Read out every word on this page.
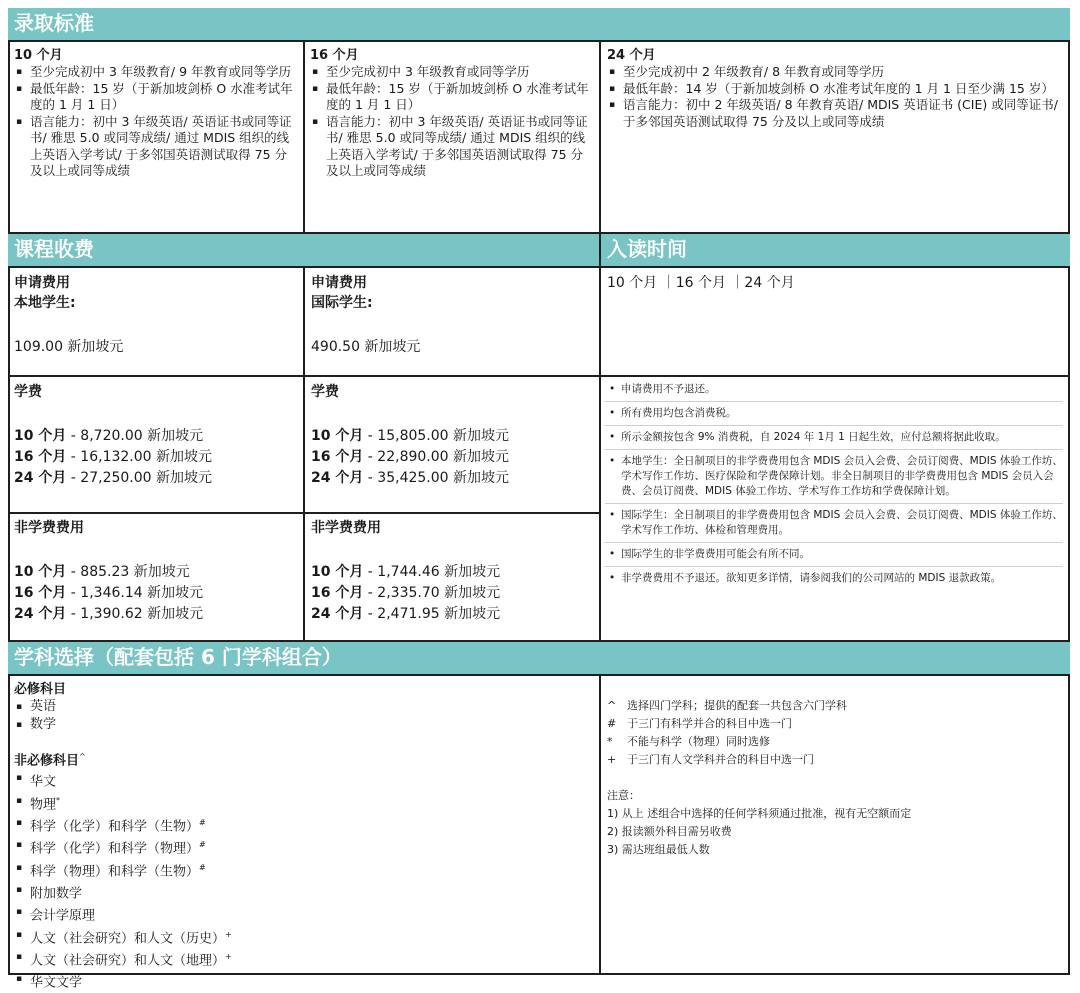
录取标准
10 个月
▪ 至少完成初中 3 年级教育/ 9 年教育或同等学历
▪ 最低年龄：15 岁（于新加坡剑桥 O 水准考试年度的 1 月 1 日）
▪ 语言能力：初中 3 年级英语/ 英语证书或同等证书/ 雅思 5.0 或同等成绩/ 通过 MDIS 组织的线上英语入学考试/ 于多邻国英语测试取得 75 分及以上或同等成绩
16 个月
▪ 至少完成初中 3 年级教育或同等学历
▪ 最低年龄：15 岁（于新加坡剑桥 O 水准考试年度的 1 月 1 日）
▪ 语言能力：初中 3 年级英语/ 英语证书或同等证书/ 雅思 5.0 或同等成绩/ 通过 MDIS 组织的线上英语入学考试/ 于多邻国英语测试取得 75 分及以上或同等成绩
24 个月
▪ 至少完成初中 2 年级教育/ 8 年教育或同等学历
▪ 最低年龄：14 岁（于新加坡剑桥 O 水准考试年度的 1 月 1 日至少满 15 岁）
▪ 语言能力：初中 2 年级英语/ 8 年教育英语/ MDIS 英语证书 (CIE) 或同等证书/ 于多邻国英语测试取得 75 分及以上或同等成绩
课程收费	入读时间
申请费用
本地学生:
109.00 新加坡元
申请费用
国际学生:
490.50 新加坡元
10 个月 ｜16 个月 ｜24 个月
学费
10 个月 - 8,720.00 新加坡元
16 个月 - 16,132.00 新加坡元
24 个月 - 27,250.00 新加坡元
学费
10 个月 - 15,805.00 新加坡元
16 个月 - 22,890.00 新加坡元
24 个月 - 35,425.00 新加坡元
非学费费用
10 个月 - 885.23 新加坡元
16 个月 - 1,346.14 新加坡元
24 个月 - 1,390.62 新加坡元
非学费费用
10 个月 - 1,744.46 新加坡元
16 个月 - 2,335.70 新加坡元
24 个月 - 2,471.95 新加坡元
• 申请费用不予退还。
• 所有费用均包含消费税。
• 所示金额按包含 9% 消费税，自 2024 年 1月 1 日起生效，应付总额将据此收取。
• 本地学生：全日制项目的非学费费用包含 MDIS 会员入会费、会员订阅费、MDIS 体验工作坊、学术写作工作坊、医疗保险和学费保障计划。非全日制项目的非学费费用包含 MDIS 会员入会费、会员订阅费、MDIS 体验工作坊、学术写作工作坊和学费保障计划。
• 国际学生：全日制项目的非学费费用包含 MDIS 会员入会费、会员订阅费、MDIS 体验工作坊、学术写作工作坊、体检和管理费用。
• 国际学生的非学费费用可能会有所不同。
• 非学费费用不予退还。欲知更多详情，请参阅我们的公司网站的 MDIS 退款政策。
学科选择（配套包括 6 门学科组合）
必修科目
▪ 英语
▪ 数学
非必修科目^
▪ 华文
▪ 物理*
▪ 科学（化学）和科学（生物）#
▪ 科学（化学）和科学（物理）#
▪ 科学（物理）和科学（生物）#
▪ 附加数学
▪ 会计学原理
▪ 人文（社会研究）和人文（历史）+
▪ 人文（社会研究）和人文（地理）+
▪ 华文文学
^ 选择四门学科；提供的配套一共包含六门学科
# 于三门有科学并合的科目中选一门
*	不能与科学（物理）同时选修
+ 于三门有人文学科并合的科目中选一门
注意：
1) 从上 述组合中选择的任何学科须通过批准，视有无空额而定
2) 报读额外科目需另收费
3) 需达班组最低人数
